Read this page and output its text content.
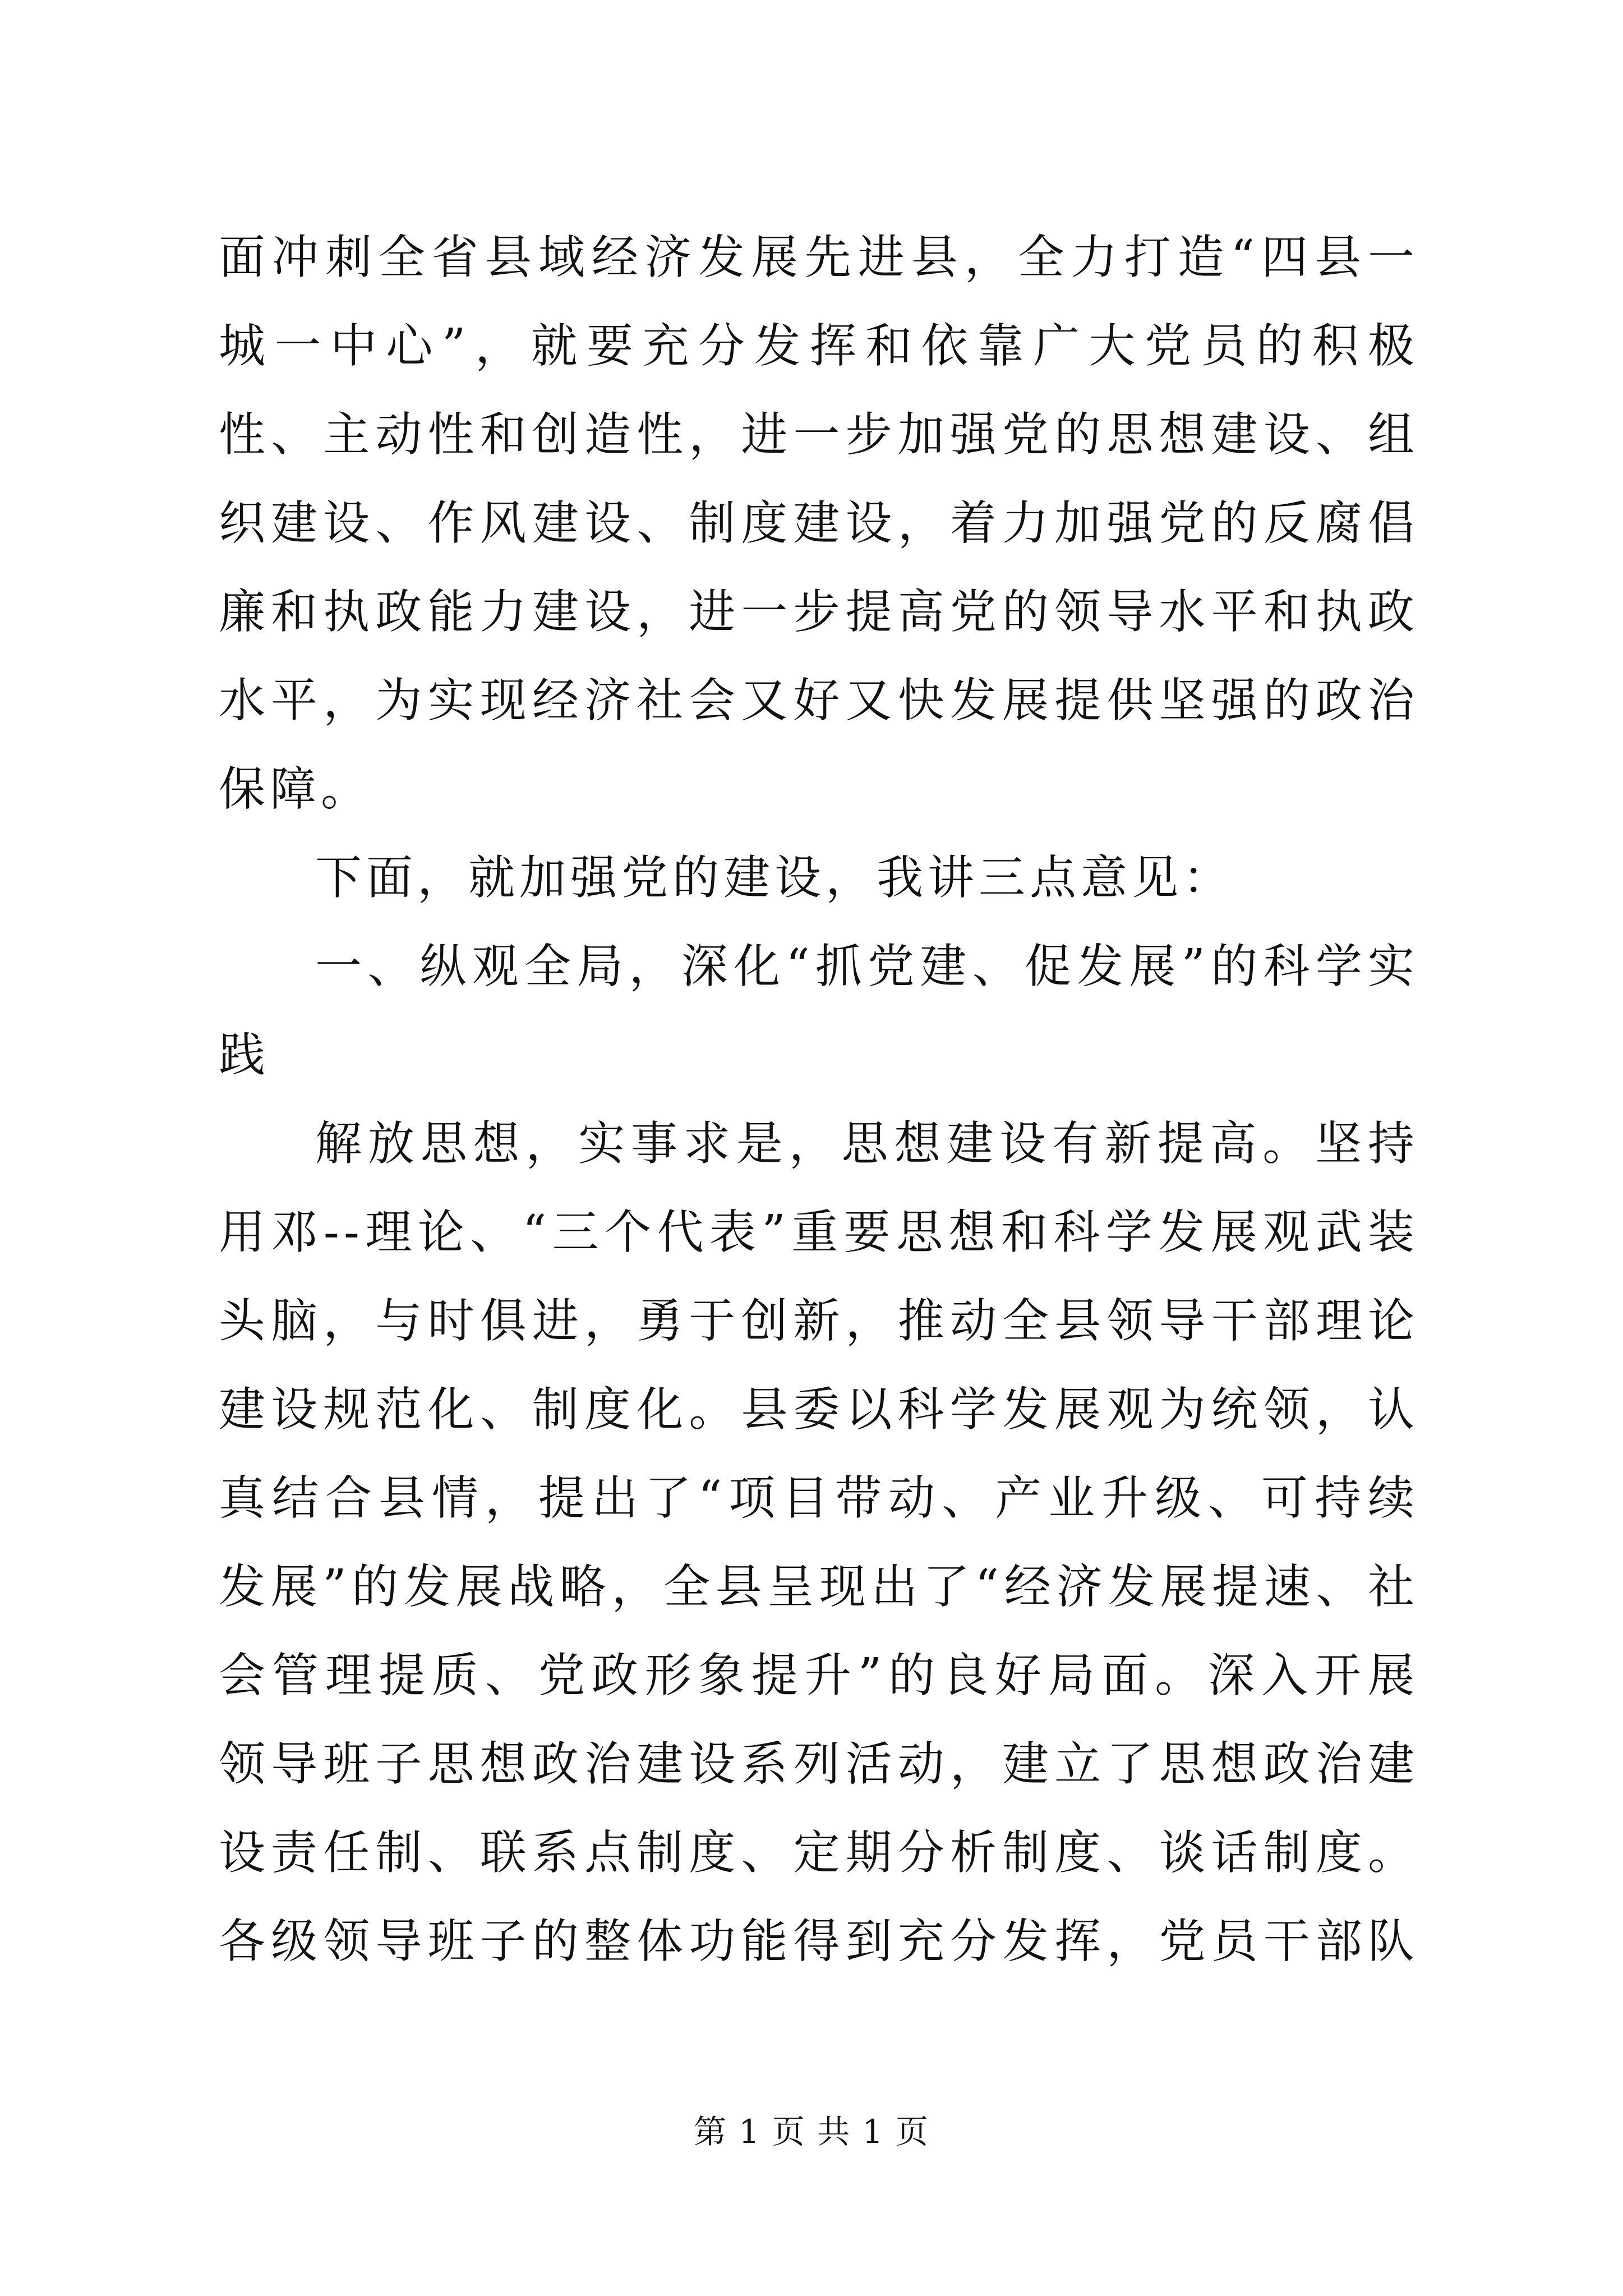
面冲刺全省县域经济发展先进县，全力打造“四县一城一中心”，就要充分发挥和依靠广大党员的积极性、主动性和创造性，进一步加强党的思想建设、组织建设、作风建设、制度建设，着力加强党的反腐倡廉和执政能力建设，进一步提高党的领导水平和执政水平，为实现经济社会又好又快发展提供坚强的政治保障。

下面，就加强党的建设，我讲三点意见：

一、纵观全局，深化“抓党建、促发展”的科学实践

解放思想，实事求是，思想建设有新提高。坚持用邓--理论、“三个代表”重要思想和科学发展观武装头脑，与时俱进，勇于创新，推动全县领导干部理论建设规范化、制度化。县委以科学发展观为统领，认真结合县情，提出了“项目带动、产业升级、可持续发展”的发展战略，全县呈现出了“经济发展提速、社会管理提质、党政形象提升”的良好局面。深入开展领导班子思想政治建设系列活动，建立了思想政治建设责任制、联系点制度、定期分析制度、谈话制度。各级领导班子的整体功能得到充分发挥，党员干部队

第 1 页 共 1 页
